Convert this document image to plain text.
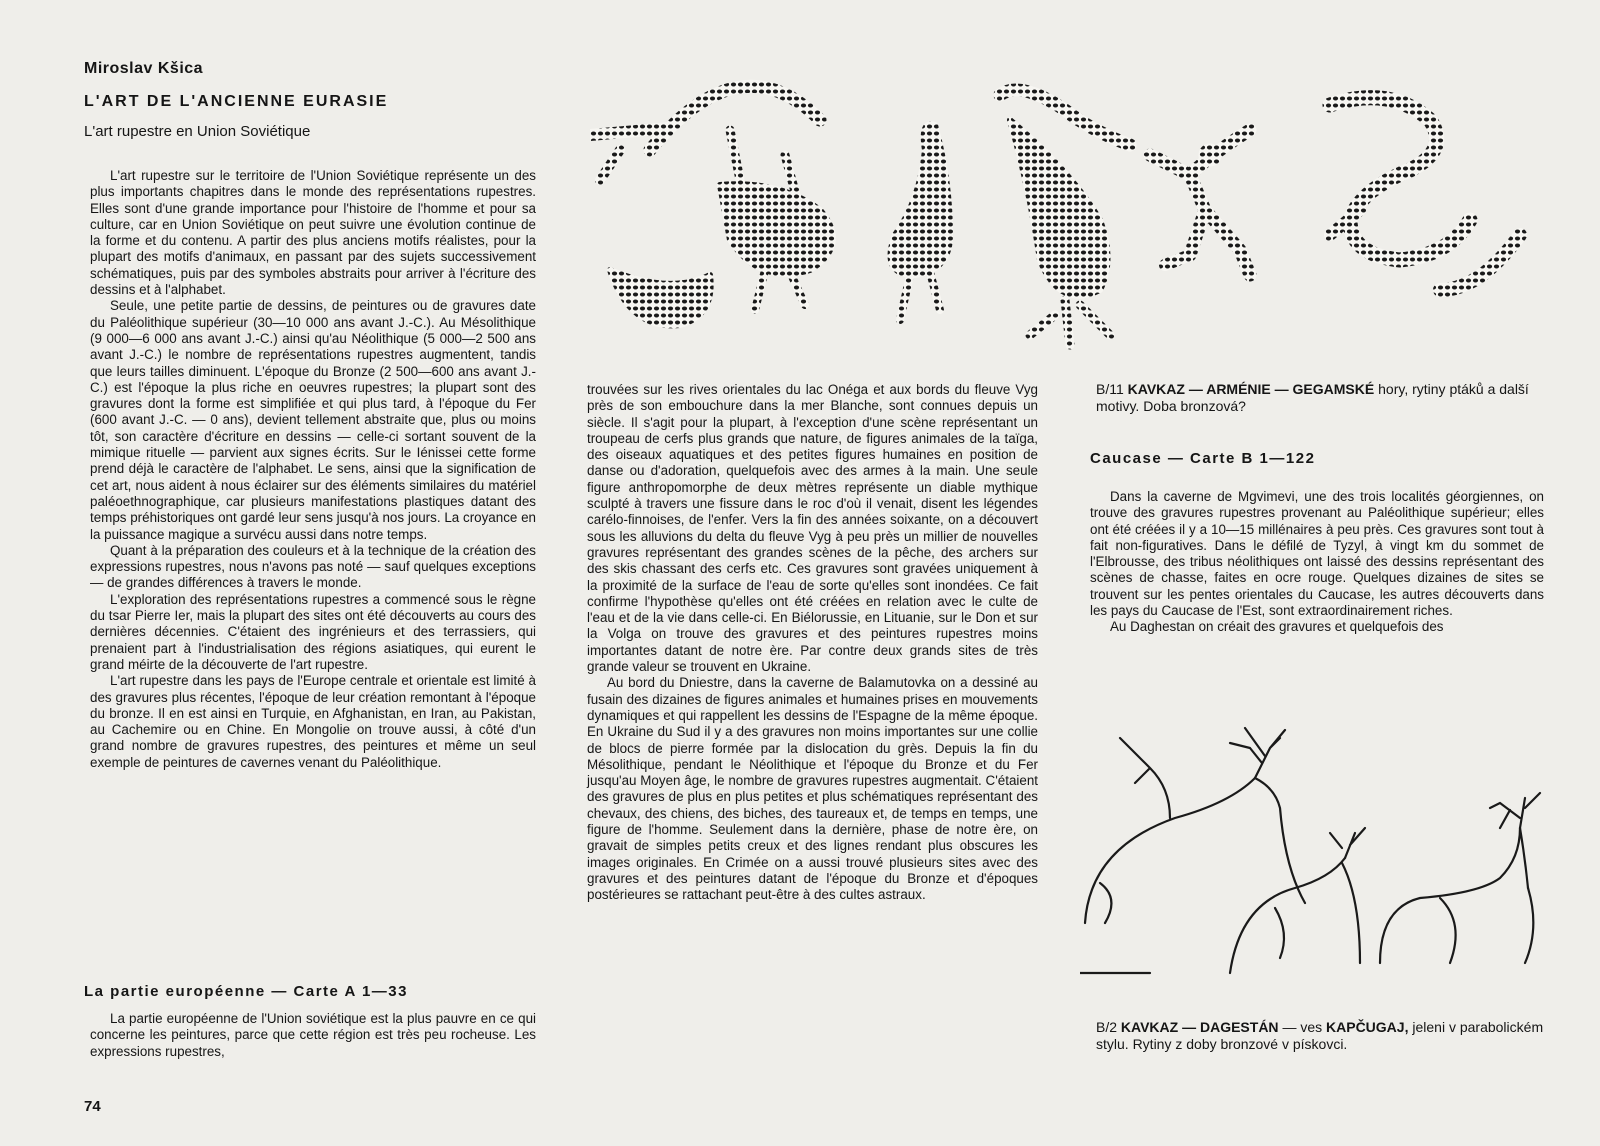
Miroslav Kšica
L'ART DE L'ANCIENNE EURASIE
L'art rupestre en Union Soviétique

L'art rupestre sur le territoire de l'Union Soviétique représente un des plus importants chapitres dans le monde des représentations rupestres. Elles sont d'une grande importance pour l'histoire de l'homme et pour sa culture, car en Union Soviétique on peut suivre une évolution continue de la forme et du contenu. A partir des plus anciens motifs réalistes, pour la plupart des motifs d'animaux, en passant par des sujets successivement schématiques, puis par des symboles abstraits pour arriver à l'écriture des dessins et à l'alphabet.

Seule, une petite partie de dessins, de peintures ou de gravures date du Paléolithique supérieur (30—10 000 ans avant J.-C.). Au Mésolithique (9 000—6 000 ans avant J.-C.) ainsi qu'au Néolithique (5 000—2 500 ans avant J.-C.) le nombre de représentations rupestres augmentent, tandis que leurs tailles diminuent. L'époque du Bronze (2 500—600 ans avant J.-C.) est l'époque la plus riche en oeuvres rupestres; la plupart sont des gravures dont la forme est simplifiée et qui plus tard, à l'époque du Fer (600 avant J.-C. — 0 ans), devient tellement abstraite que, plus ou moins tôt, son caractère d'écriture en dessins — celle-ci sortant souvent de la mimique rituelle — parvient aux signes écrits. Sur le Iénissei cette forme prend déjà le caractère de l'alphabet. Le sens, ainsi que la signification de cet art, nous aident à nous éclairer sur des éléments similaires du matériel paléoethnographique, car plusieurs manifestations plastiques datant des temps préhistoriques ont gardé leur sens jusqu'à nos jours. La croyance en la puissance magique a survécu aussi dans notre temps.

Quant à la préparation des couleurs et à la technique de la création des expressions rupestres, nous n'avons pas noté — sauf quelques exceptions — de grandes différences à travers le monde.

L'exploration des représentations rupestres a commencé sous le règne du tsar Pierre Ier, mais la plupart des sites ont été découverts au cours des dernières décennies. C'étaient des ingrénieurs et des terrassiers, qui prenaient part à l'industrialisation des régions asiatiques, qui eurent le grand méirte de la découverte de l'art rupestre.

L'art rupestre dans les pays de l'Europe centrale et orientale est limité à des gravures plus récentes, l'époque de leur création remontant à l'époque du bronze. Il en est ainsi en Turquie, en Afghanistan, en Iran, au Pakistan, au Cachemire ou en Chine. En Mongolie on trouve aussi, à côté d'un grand nombre de gravures rupestres, des peintures et même un seul exemple de peintures de cavernes venant du Paléolithique.

La partie européenne — Carte A 1—33

La partie européenne de l'Union soviétique est la plus pauvre en ce qui concerne les peintures, parce que cette région est très peu rocheuse. Les expressions rupestres,

trouvées sur les rives orientales du lac Onéga et aux bords du fleuve Vyg près de son embouchure dans la mer Blanche, sont connues depuis un siècle. Il s'agit pour la plupart, à l'exception d'une scène représentant un troupeau de cerfs plus grands que nature, de figures animales de la taïga, des oiseaux aquatiques et des petites figures humaines en position de danse ou d'adoration, quelquefois avec des armes à la main. Une seule figure anthropomorphe de deux mètres représente un diable mythique sculpté à travers une fissure dans le roc d'où il venait, disent les légendes carélo-finnoises, de l'enfer. Vers la fin des années soixante, on a découvert sous les alluvions du delta du fleuve Vyg à peu près un millier de nouvelles gravures représentant des grandes scènes de la pêche, des archers sur des skis chassant des cerfs etc. Ces gravures sont gravées uniquement à la proximité de la surface de l'eau de sorte qu'elles sont inondées. Ce fait confirme l'hypothèse qu'elles ont été créées en relation avec le culte de l'eau et de la vie dans celle-ci. En Biélorussie, en Lituanie, sur le Don et sur la Volga on trouve des gravures et des peintures rupestres moins importantes datant de notre ère. Par contre deux grands sites de très grande valeur se trouvent en Ukraine.

Au bord du Dniestre, dans la caverne de Balamutovka on a dessiné au fusain des dizaines de figures animales et humaines prises en mouvements dynamiques et qui rappellent les dessins de l'Espagne de la même époque. En Ukraine du Sud il y a des gravures non moins importantes sur une collie de blocs de pierre formée par la dislocation du grès. Depuis la fin du Mésolithique, pendant le Néolithique et l'époque du Bronze et du Fer jusqu'au Moyen âge, le nombre de gravures rupestres augmentait. C'étaient des gravures de plus en plus petites et plus schématiques représentant des chevaux, des chiens, des biches, des taureaux et, de temps en temps, une figure de l'homme. Seulement dans la dernière, phase de notre ère, on gravait de simples petits creux et des lignes rendant plus obscures les images originales. En Crimée on a aussi trouvé plusieurs sites avec des gravures et des peintures datant de l'époque du Bronze et d'époques postérieures se rattachant peut-être à des cultes astraux.

B/11 KAVKAZ — ARMÉNIE — GEGAMSKÉ hory, rytiny ptáků a další motivy. Doba bronzová?
Caucase — Carte B 1—122

Dans la caverne de Mgvimevi, une des trois localités géorgiennes, on trouve des gravures rupestres provenant au Paléolithique supérieur; elles ont été créées il y a 10—15 millénaires à peu près. Ces gravures sont tout à fait non-figuratives. Dans le défilé de Tyzyl, à vingt km du sommet de l'Elbrousse, des tribus néolithiques ont laissé des dessins représentant des scènes de chasse, faites en ocre rouge. Quelques dizaines de sites se trouvent sur les pentes orientales du Caucase, les autres découverts dans les pays du Caucase de l'Est, sont extraordinairement riches.

Au Daghestan on créait des gravures et quelquefois des

B/2 KAVKAZ — DAGESTÁN — ves KAPČUGAJ, jeleni v parabolickém stylu. Rytiny z doby bronzové v pískovci.
74
